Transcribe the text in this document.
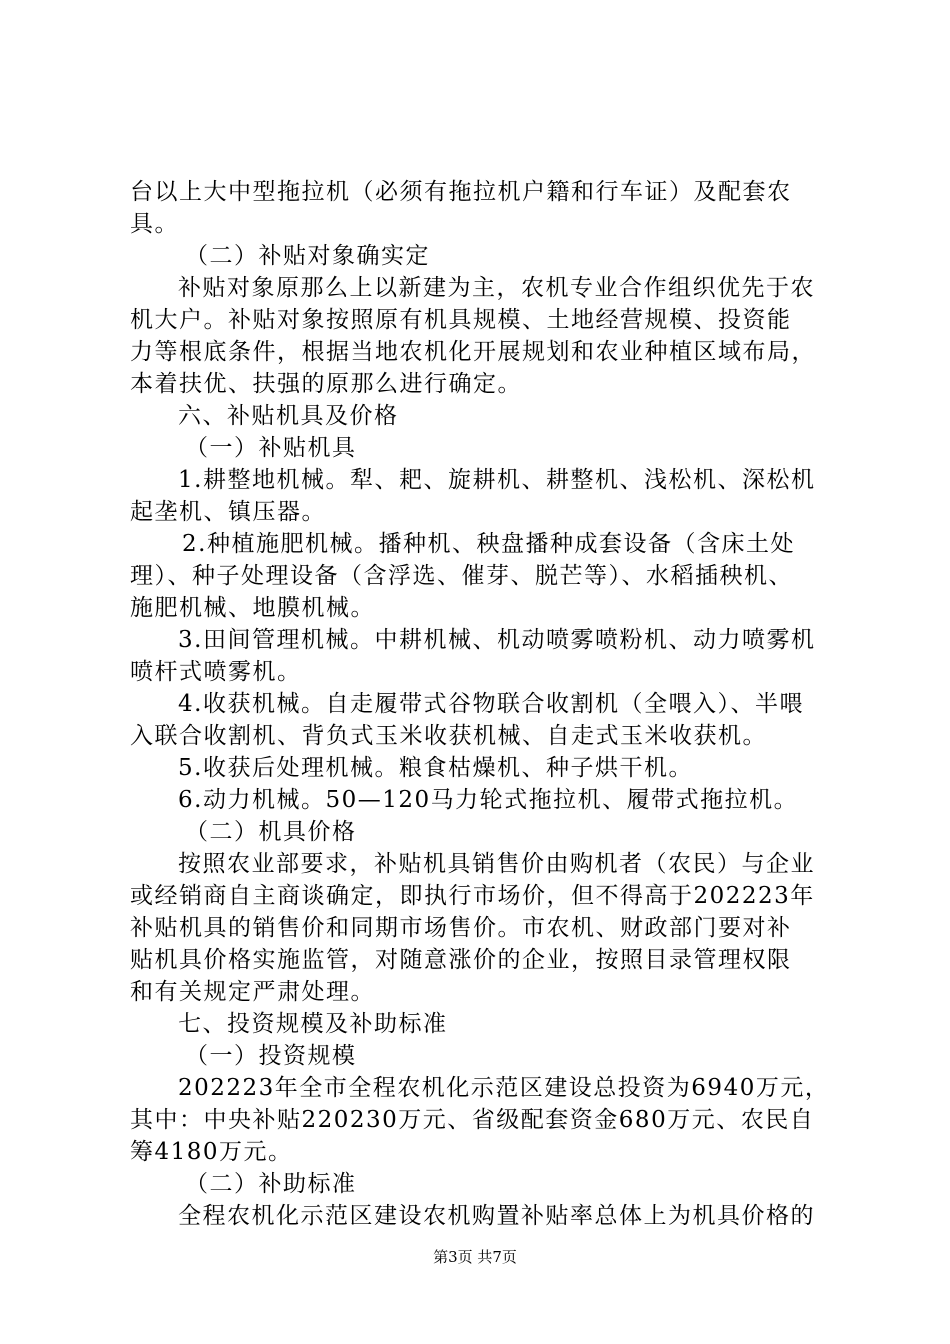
台以上大中型拖拉机（必须有拖拉机户籍和行车证）及配套农
具。
（二）补贴对象确实定
补贴对象原那么上以新建为主，农机专业合作组织优先于农
机大户。补贴对象按照原有机具规模、土地经营规模、投资能
力等根底条件，根据当地农机化开展规划和农业种植区域布局，
本着扶优、扶强的原那么进行确定。
六、补贴机具及价格
（一）补贴机具
1.耕整地机械。犁、耙、旋耕机、耕整机、浅松机、深松机
起垄机、镇压器。
2.种植施肥机械。播种机、秧盘播种成套设备（含床土处
理）、种子处理设备（含浮选、催芽、脱芒等）、水稻插秧机、
施肥机械、地膜机械。
3.田间管理机械。中耕机械、机动喷雾喷粉机、动力喷雾机
喷杆式喷雾机。
4.收获机械。自走履带式谷物联合收割机（全喂入）、半喂
入联合收割机、背负式玉米收获机械、自走式玉米收获机。
5.收获后处理机械。粮食枯燥机、种子烘干机。
6.动力机械。50—120马力轮式拖拉机、履带式拖拉机。
（二）机具价格
按照农业部要求，补贴机具销售价由购机者（农民）与企业
或经销商自主商谈确定，即执行市场价，但不得高于202223年
补贴机具的销售价和同期市场售价。市农机、财政部门要对补
贴机具价格实施监管，对随意涨价的企业，按照目录管理权限
和有关规定严肃处理。
七、投资规模及补助标准
（一）投资规模
202223年全市全程农机化示范区建设总投资为6940万元，
其中：中央补贴220230万元、省级配套资金680万元、农民自
筹4180万元。
（二）补助标准
全程农机化示范区建设农机购置补贴率总体上为机具价格的
第3页 共7页
